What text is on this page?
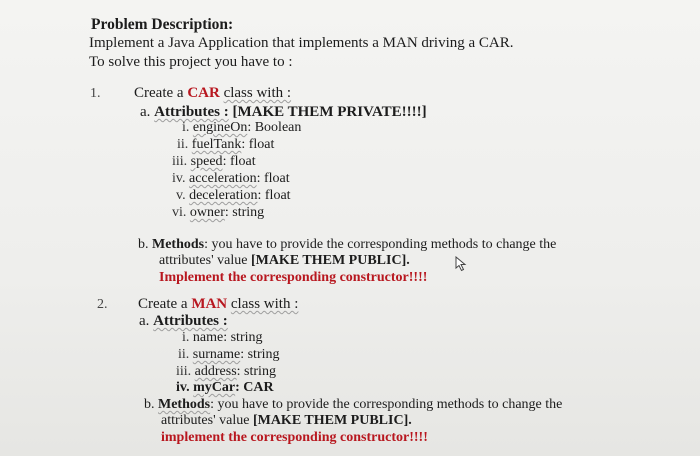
Problem Description:
Implement a Java Application that implements a MAN driving a CAR.
To solve this project you have to :
1. Create a CAR class with :
a. Attributes : [MAKE THEM PRIVATE!!!!]
i. engineOn: Boolean
ii. fuelTank: float
iii. speed: float
iv. acceleration: float
v. deceleration: float
vi. owner: string
b. Methods: you have to provide the corresponding methods to change the
attributes' value [MAKE THEM PUBLIC].
Implement the corresponding constructor!!!!
2. Create a MAN class with :
a. Attributes :
i. name: string
ii. surname: string
iii. address: string
iv. myCar: CAR
b. Methods: you have to provide the corresponding methods to change the
attributes' value [MAKE THEM PUBLIC].
implement the corresponding constructor!!!!
